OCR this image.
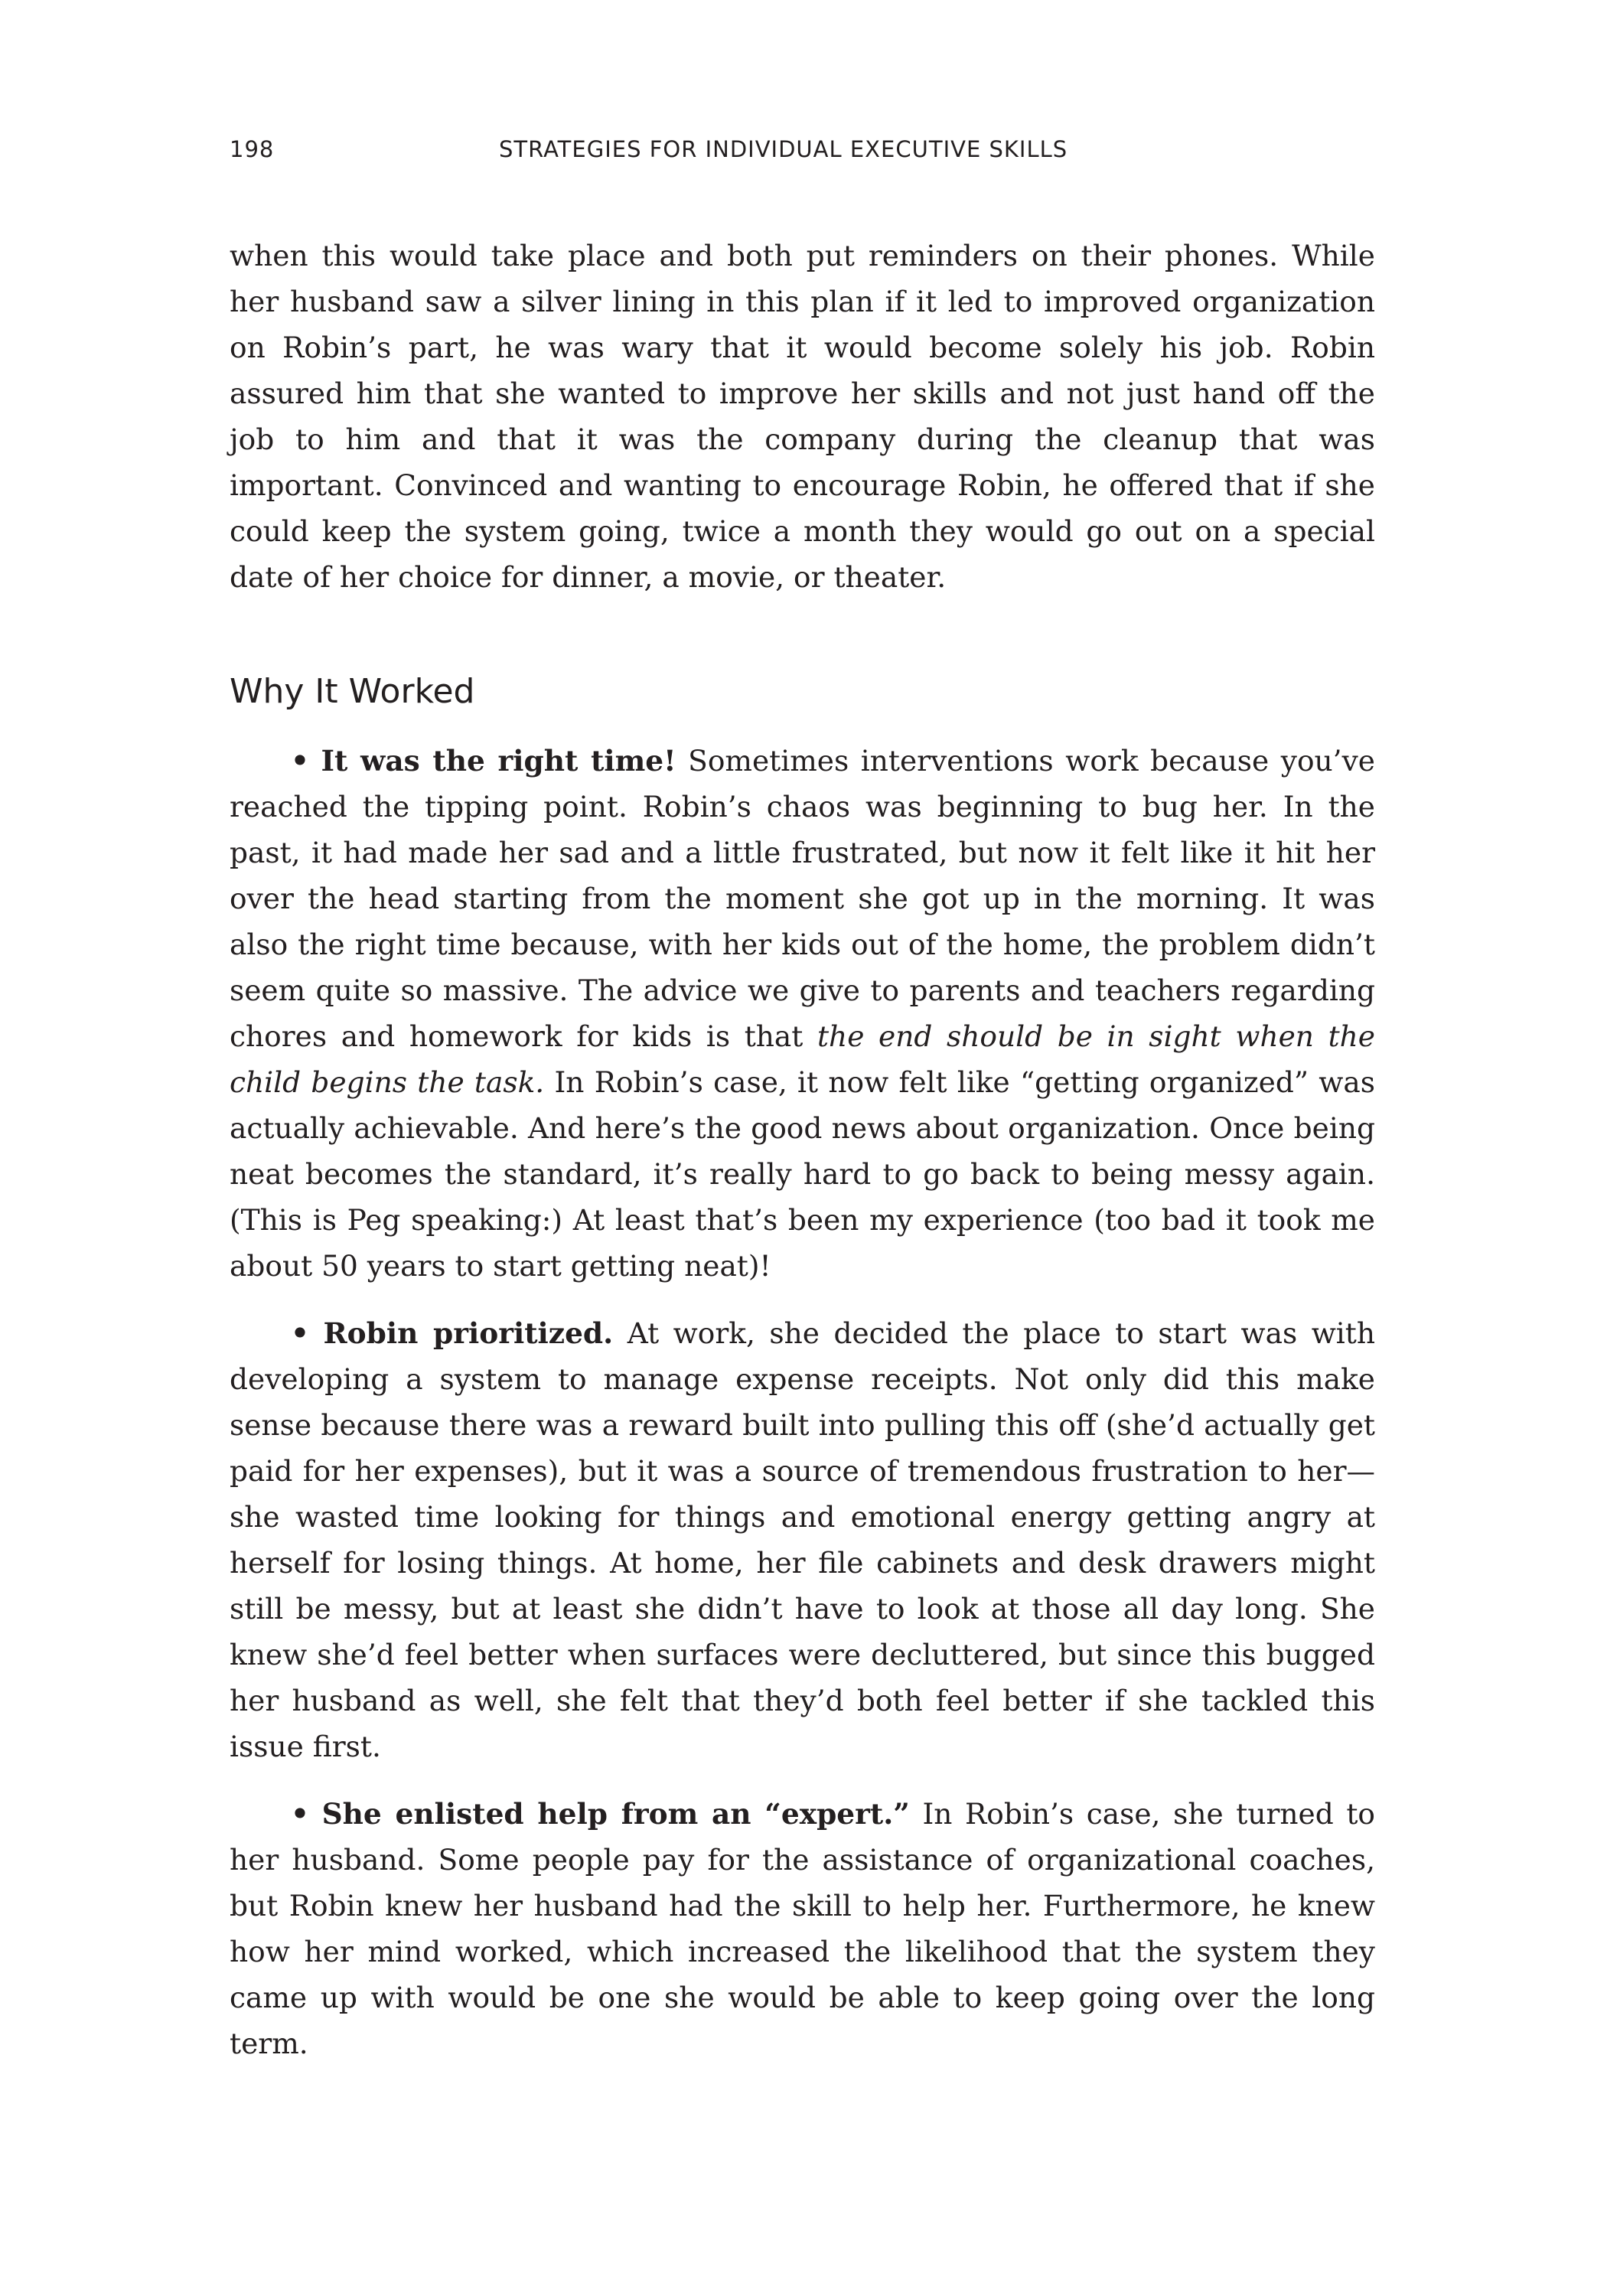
198	STRATEGIES FOR INDIVIDUAL EXECUTIVE SKILLS

when this would take place and both put reminders on their phones. While her husband saw a silver lining in this plan if it led to improved organization on Robin’s part, he was wary that it would become solely his job. Robin assured him that she wanted to improve her skills and not just hand off the job to him and that it was the company during the cleanup that was important. Convinced and wanting to encourage Robin, he offered that if she could keep the system going, twice a month they would go out on a special date of her choice for dinner, a movie, or theater.

Why It Worked

• It was the right time! Sometimes interventions work because you’ve reached the tipping point. Robin’s chaos was beginning to bug her. In the past, it had made her sad and a little frustrated, but now it felt like it hit her over the head starting from the moment she got up in the morning. It was also the right time because, with her kids out of the home, the problem didn’t seem quite so massive. The advice we give to parents and teachers regarding chores and homework for kids is that the end should be in sight when the child begins the task. In Robin’s case, it now felt like “getting organized” was actually achievable. And here’s the good news about organization. Once being neat becomes the standard, it’s really hard to go back to being messy again. (This is Peg speaking:) At least that’s been my experience (too bad it took me about 50 years to start getting neat)!

• Robin prioritized. At work, she decided the place to start was with developing a system to manage expense receipts. Not only did this make sense because there was a reward built into pulling this off (she’d actually get paid for her expenses), but it was a source of tremendous frustration to her—she wasted time looking for things and emotional energy getting angry at herself for losing things. At home, her file cabinets and desk drawers might still be messy, but at least she didn’t have to look at those all day long. She knew she’d feel better when surfaces were decluttered, but since this bugged her husband as well, she felt that they’d both feel better if she tackled this issue first.

• She enlisted help from an “expert.” In Robin’s case, she turned to her husband. Some people pay for the assistance of organizational coaches, but Robin knew her husband had the skill to help her. Furthermore, he knew how her mind worked, which increased the likelihood that the system they came up with would be one she would be able to keep going over the long term.
